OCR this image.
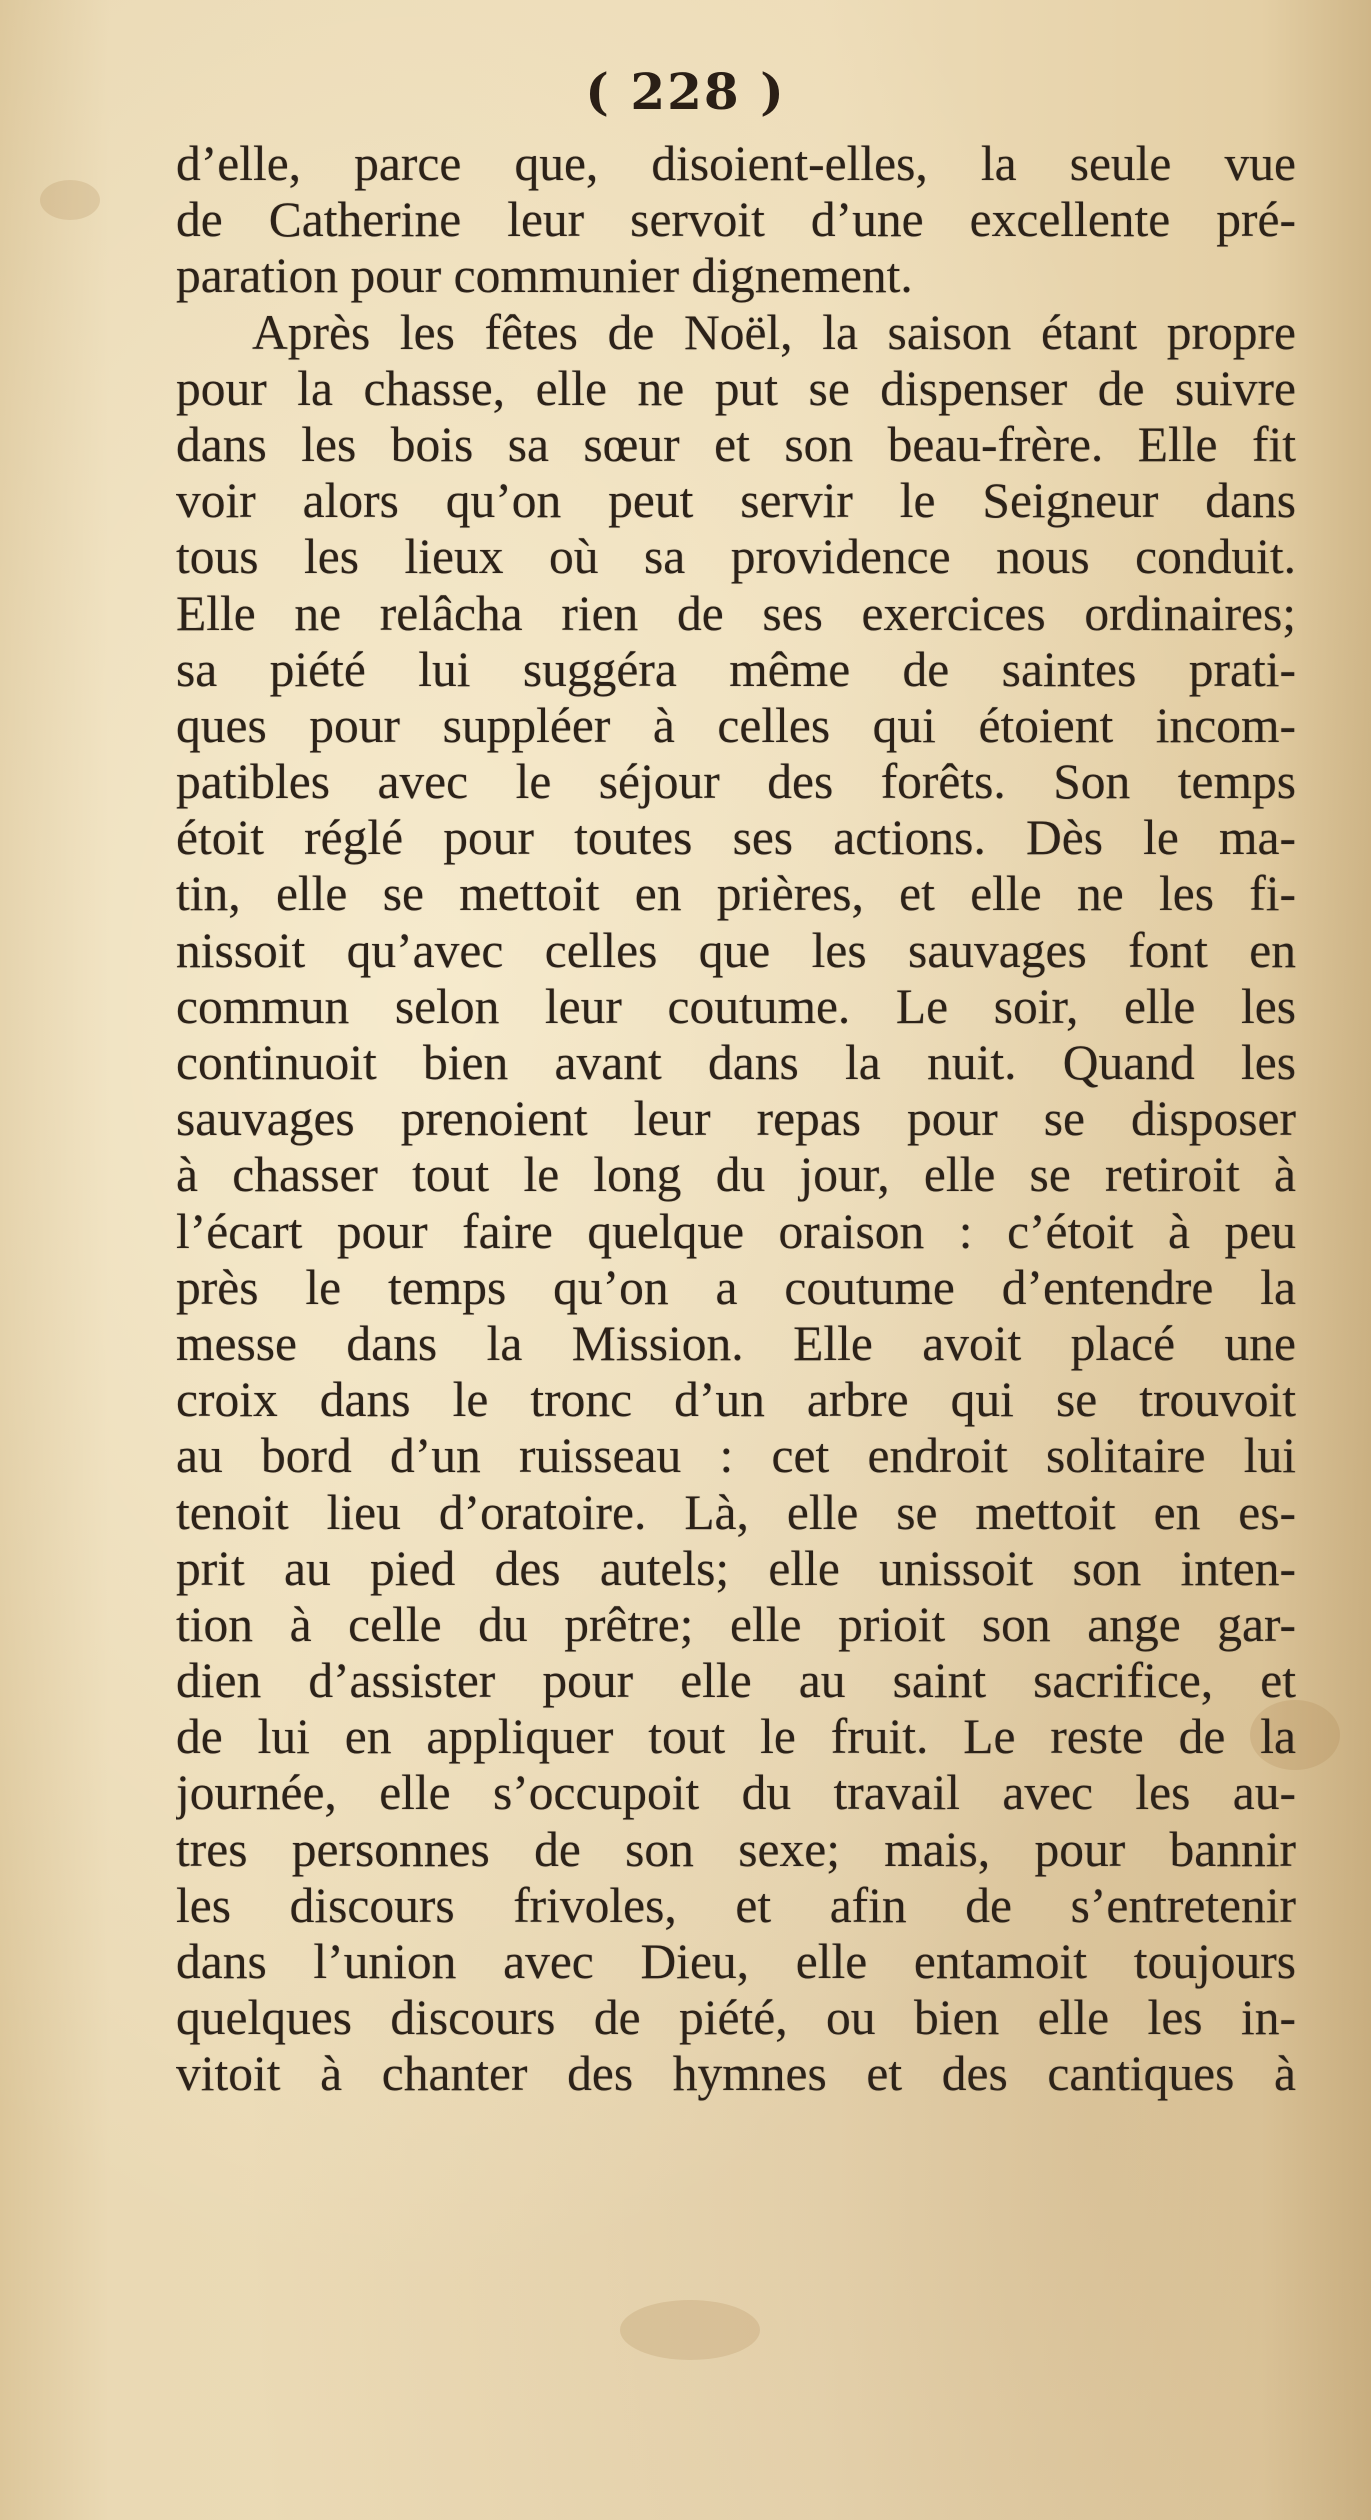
( 228 )
d’elle, parce que, disoient-elles, la seule vue
de Catherine leur servoit d’une excellente pré-
paration pour communier dignement.
Après les fêtes de Noël, la saison étant propre
pour la chasse, elle ne put se dispenser de suivre
dans les bois sa sœur et son beau-frère. Elle fit
voir alors qu’on peut servir le Seigneur dans
tous les lieux où sa providence nous conduit.
Elle ne relâcha rien de ses exercices ordinaires;
sa piété lui suggéra même de saintes prati-
ques pour suppléer à celles qui étoient incom-
patibles avec le séjour des forêts. Son temps
étoit réglé pour toutes ses actions. Dès le ma-
tin, elle se mettoit en prières, et elle ne les fi-
nissoit qu’avec celles que les sauvages font en
commun selon leur coutume. Le soir, elle les
continuoit bien avant dans la nuit. Quand les
sauvages prenoient leur repas pour se disposer
à chasser tout le long du jour, elle se retiroit à
l’écart pour faire quelque oraison : c’étoit à peu
près le temps qu’on a coutume d’entendre la
messe dans la Mission. Elle avoit placé une
croix dans le tronc d’un arbre qui se trouvoit
au bord d’un ruisseau : cet endroit solitaire lui
tenoit lieu d’oratoire. Là, elle se mettoit en es-
prit au pied des autels; elle unissoit son inten-
tion à celle du prêtre; elle prioit son ange gar-
dien d’assister pour elle au saint sacrifice, et
de lui en appliquer tout le fruit. Le reste de la
journée, elle s’occupoit du travail avec les au-
tres personnes de son sexe; mais, pour bannir
les discours frivoles, et afin de s’entretenir
dans l’union avec Dieu, elle entamoit toujours
quelques discours de piété, ou bien elle les in-
vitoit à chanter des hymnes et des cantiques à
